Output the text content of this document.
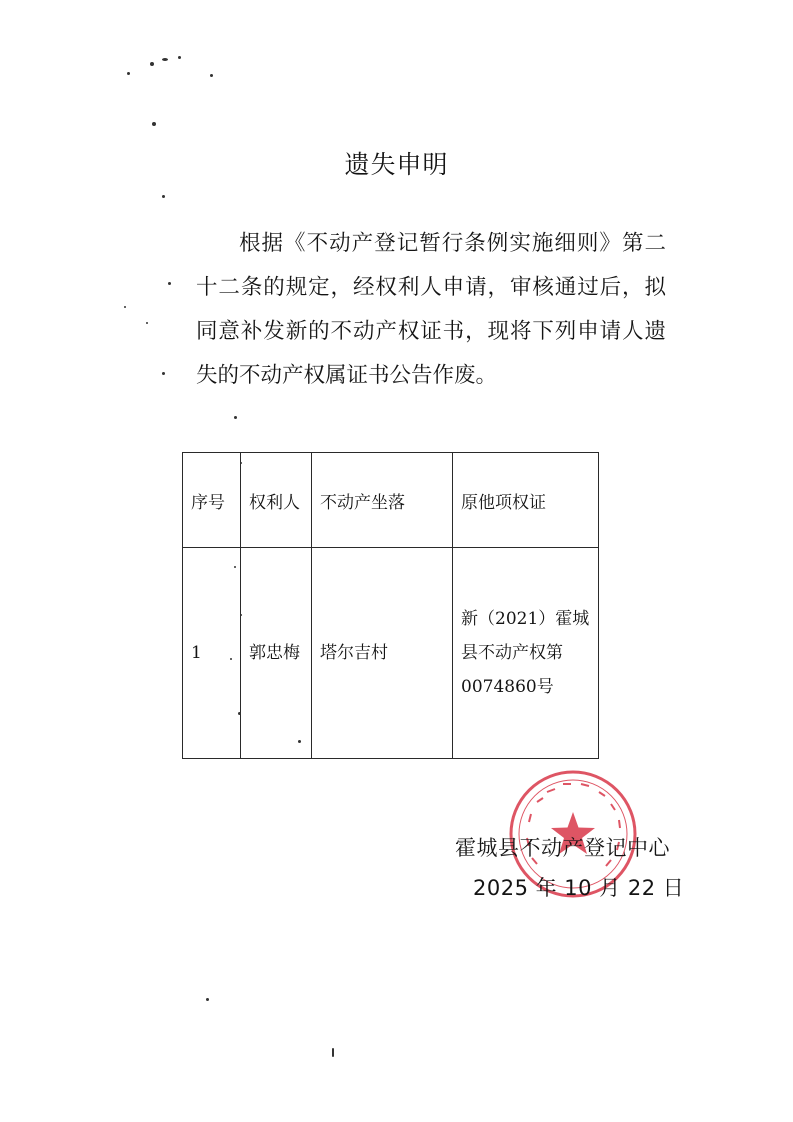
遗失申明
根据《不动产登记暂行条例实施细则》第二十二条的规定，经权利人申请，审核通过后，拟同意补发新的不动产权证书，现将下列申请人遗失的不动产权属证书公告作废。
序号	权利人	不动产坐落	原他项权证
1	郭忠梅	塔尔吉村	新（2021）霍城县不动产权第 0074860号
霍城县不动产登记中心
2025 年 10 月 22 日
